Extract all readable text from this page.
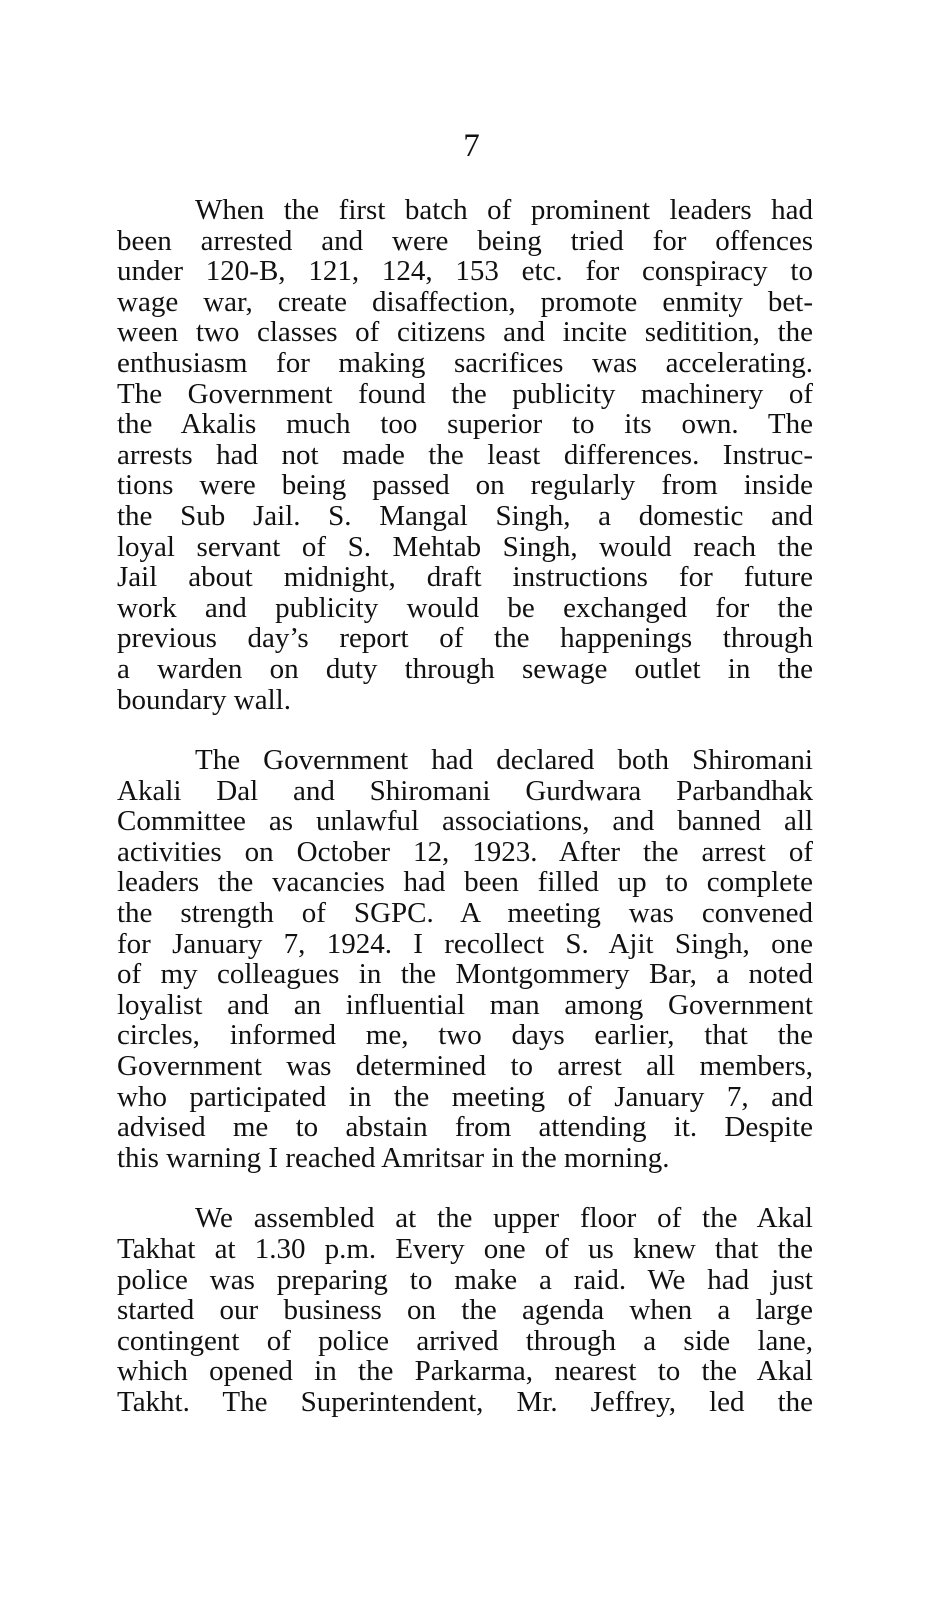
7

When the first batch of prominent leaders had
been arrested and were being tried for offences
under 120-B, 121, 124, 153 etc. for conspiracy to
wage war, create disaffection, promote enmity bet-
ween two classes of citizens and incite seditition, the
enthusiasm for making sacrifices was accelerating.
The Government found the publicity machinery of
the Akalis much too superior to its own. The
arrests had not made the least differences. Instruc-
tions were being passed on regularly from inside
the Sub Jail. S. Mangal Singh, a domestic and
loyal servant of S. Mehtab Singh, would reach the
Jail about midnight, draft instructions for future
work and publicity would be exchanged for the
previous day’s report of the happenings through
a warden on duty through sewage outlet in the
boundary wall.

The Government had declared both Shiromani
Akali Dal and Shiromani Gurdwara Parbandhak
Committee as unlawful associations, and banned all
activities on October 12, 1923. After the arrest of
leaders the vacancies had been filled up to complete
the strength of SGPC. A meeting was convened
for January 7, 1924. I recollect S. Ajit Singh, one
of my colleagues in the Montgommery Bar, a noted
loyalist and an influential man among Government
circles, informed me, two days earlier, that the
Government was determined to arrest all members,
who participated in the meeting of January 7, and
advised me to abstain from attending it. Despite
this warning I reached Amritsar in the morning.

We assembled at the upper floor of the Akal
Takhat at 1.30 p.m. Every one of us knew that the
police was preparing to make a raid. We had just
started our business on the agenda when a large
contingent of police arrived through a side lane,
which opened in the Parkarma, nearest to the Akal
Takht. The Superintendent, Mr. Jeffrey, led the
